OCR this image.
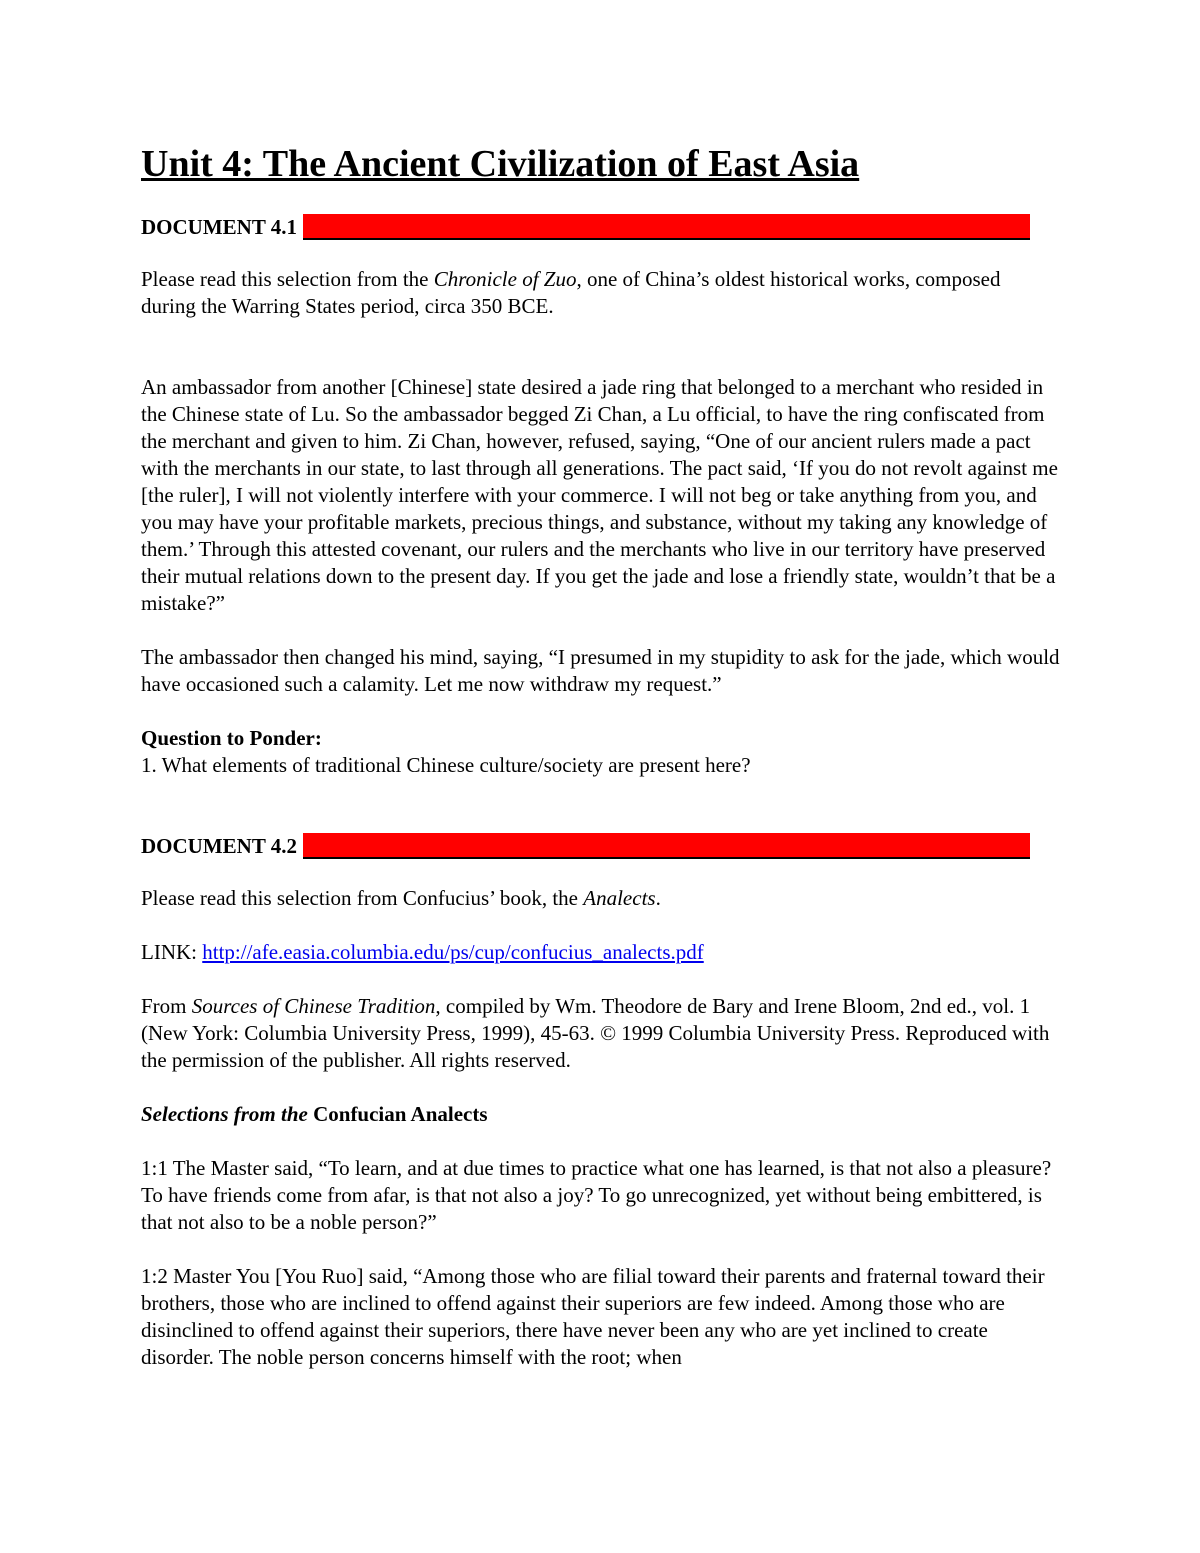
Unit 4: The Ancient Civilization of East Asia
DOCUMENT 4.1

Please read this selection from the Chronicle of Zuo, one of China’s oldest historical works, composed during the Warring States period, circa 350 BCE.

An ambassador from another [Chinese] state desired a jade ring that belonged to a merchant who resided in the Chinese state of Lu. So the ambassador begged Zi Chan, a Lu official, to have the ring confiscated from the merchant and given to him. Zi Chan, however, refused, saying, “One of our ancient rulers made a pact with the merchants in our state, to last through all generations. The pact said, ‘If you do not revolt against me [the ruler], I will not violently interfere with your commerce. I will not beg or take anything from you, and you may have your profitable markets, precious things, and substance, without my taking any knowledge of them.’ Through this attested covenant, our rulers and the merchants who live in our territory have preserved their mutual relations down to the present day. If you get the jade and lose a friendly state, wouldn’t that be a mistake?”

The ambassador then changed his mind, saying, “I presumed in my stupidity to ask for the jade, which would have occasioned such a calamity. Let me now withdraw my request.”

Question to Ponder:
1. What elements of traditional Chinese culture/society are present here?

DOCUMENT 4.2

Please read this selection from Confucius’ book, the Analects.

LINK: http://afe.easia.columbia.edu/ps/cup/confucius_analects.pdf

From Sources of Chinese Tradition, compiled by Wm. Theodore de Bary and Irene Bloom, 2nd ed., vol. 1 (New York: Columbia University Press, 1999), 45-63. © 1999 Columbia University Press. Reproduced with the permission of the publisher. All rights reserved.

Selections from the Confucian Analects

1:1 The Master said, “To learn, and at due times to practice what one has learned, is that not also a pleasure? To have friends come from afar, is that not also a joy? To go unrecognized, yet without being embittered, is that not also to be a noble person?”

1:2 Master You [You Ruo] said, “Among those who are filial toward their parents and fraternal toward their brothers, those who are inclined to offend against their superiors are few indeed. Among those who are disinclined to offend against their superiors, there have never been any who are yet inclined to create disorder. The noble person concerns himself with the root; when
